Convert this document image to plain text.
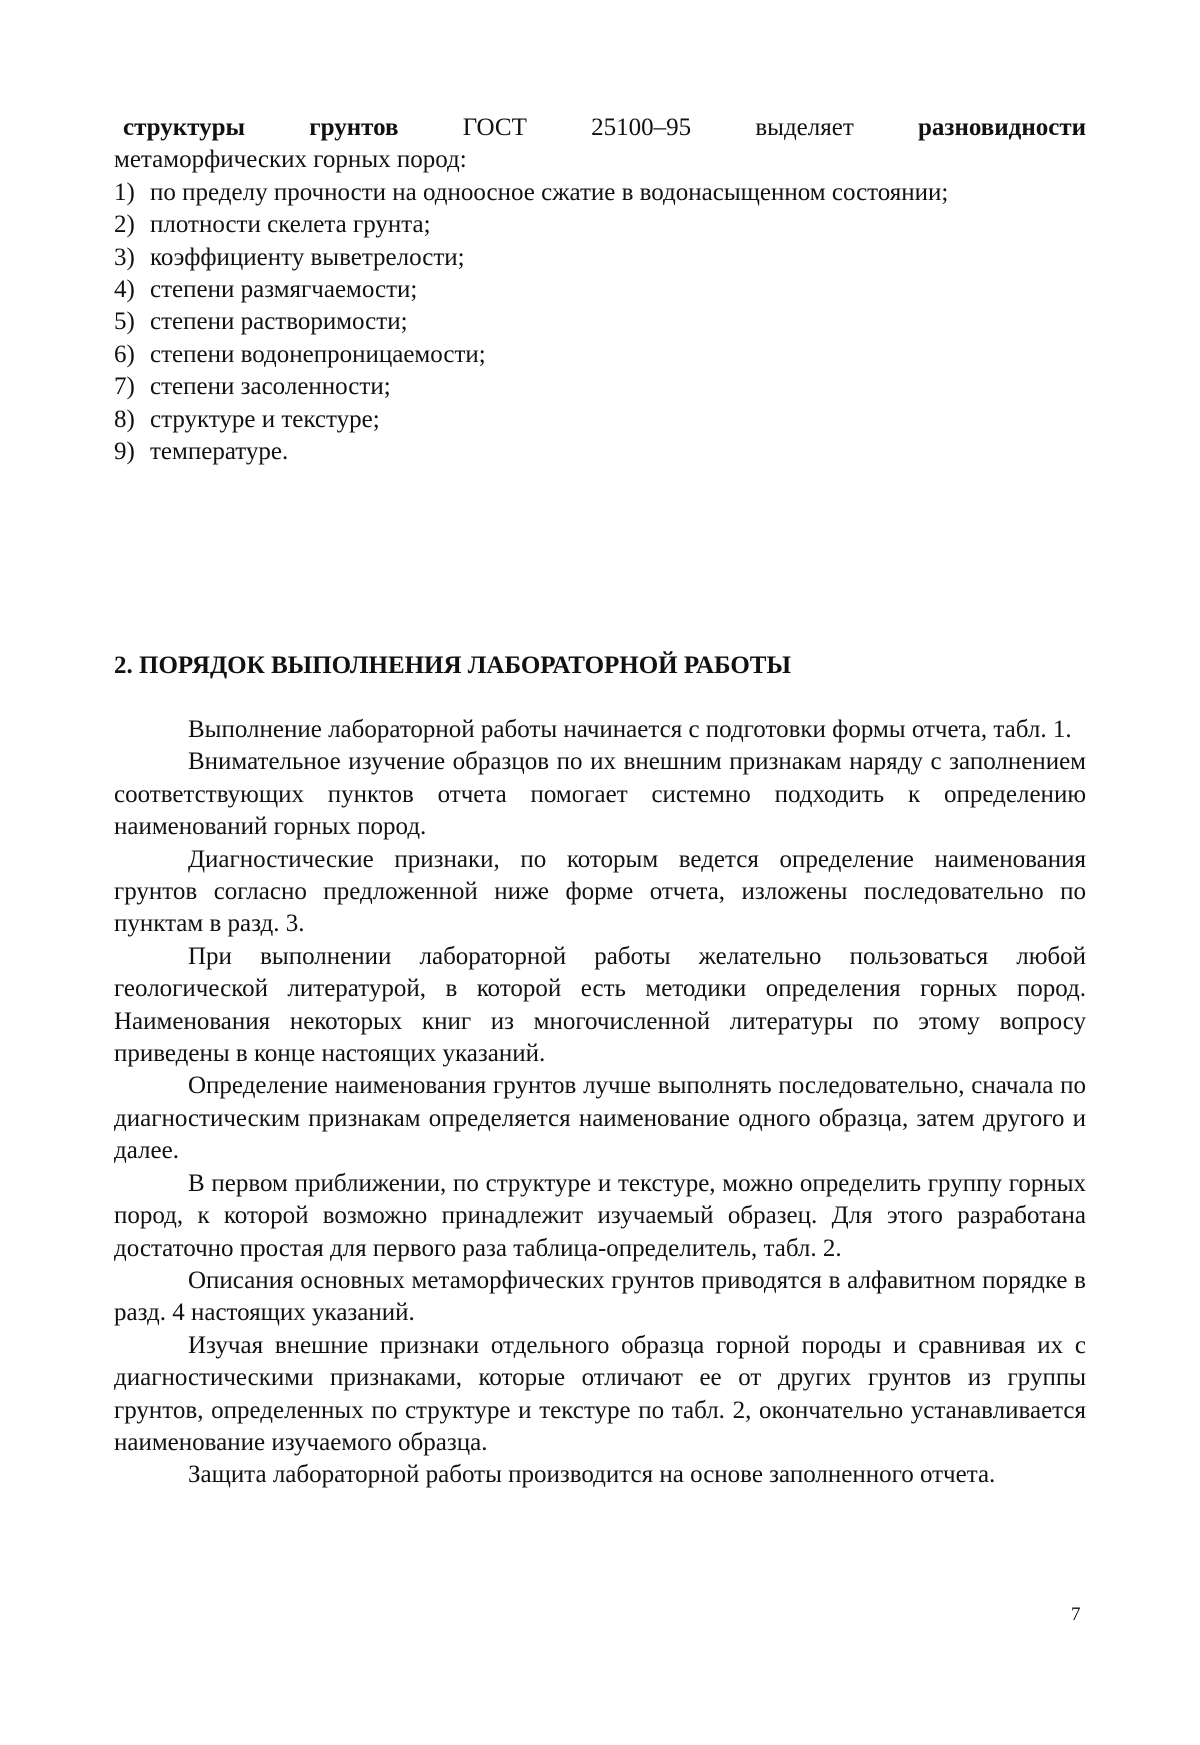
структуры	грунтов	ГОСТ	25100–95	выделяет	разновидности

метаморфических горных пород:

1) по пределу прочности на одноосное сжатие в водонасыщенном состоянии;
2) плотности скелета грунта;
3) коэффициенту выветрелости;
4) степени размягчаемости;
5) степени растворимости;
6) степени водонепроницаемости;
7) степени засоленности;
8) структуре и текстуре;
9) температуре.
2. ПОРЯДОК ВЫПОЛНЕНИЯ ЛАБОРАТОРНОЙ РАБОТЫ

Выполнение лабораторной работы начинается с подготовки формы отчета, табл. 1.

Внимательное изучение образцов по их внешним признакам наряду с заполнением соответствующих пунктов отчета помогает системно подходить к определению наименований горных пород.

Диагностические признаки, по которым ведется определение наименования грунтов согласно предложенной ниже форме отчета, изложены последовательно по пунктам в разд. 3.

При выполнении лабораторной работы желательно пользоваться любой геологической литературой, в которой есть методики определения горных пород. Наименования некоторых книг из многочисленной литературы по этому вопросу приведены в конце настоящих указаний.

Определение наименования грунтов лучше выполнять последовательно, сначала по диагностическим признакам определяется наименование одного образца, затем другого и далее.

В первом приближении, по структуре и текстуре, можно определить группу горных пород, к которой возможно принадлежит изучаемый образец. Для этого разработана достаточно простая для первого раза таблица-определитель, табл. 2.

Описания основных метаморфических грунтов приводятся в алфавитном порядке в разд. 4 настоящих указаний.

Изучая внешние признаки отдельного образца горной породы и сравнивая их с диагностическими признаками, которые отличают ее от других грунтов из группы грунтов, определенных по структуре и текстуре по табл. 2, окончательно устанавливается наименование изучаемого образца.

Защита лабораторной работы производится на основе заполненного отчета.

7
